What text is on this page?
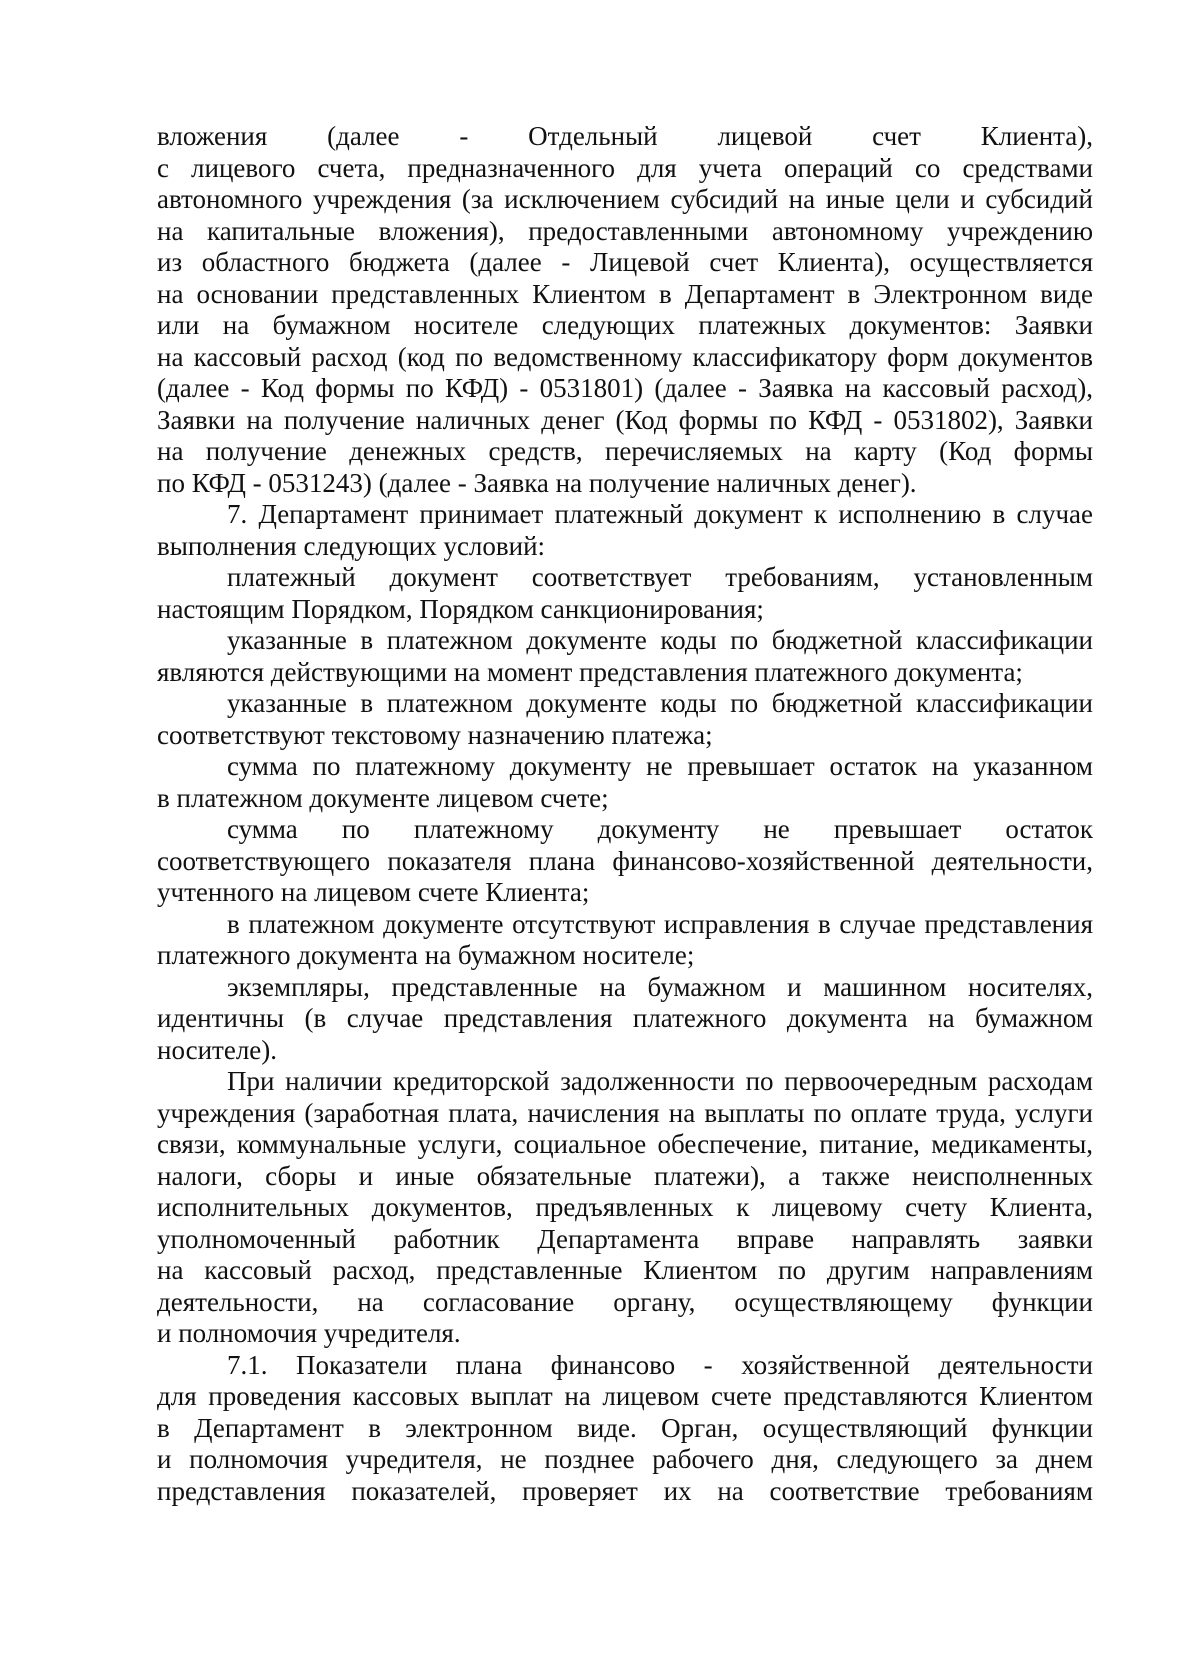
вложения (далее - Отдельный лицевой счет Клиента),
с лицевого счета, предназначенного для учета операций со средствами
автономного учреждения (за исключением субсидий на иные цели и субсидий
на капитальные вложения), предоставленными автономному учреждению
из областного бюджета (далее - Лицевой счет Клиента), осуществляется
на основании представленных Клиентом в Департамент в Электронном виде
или на бумажном носителе следующих платежных документов: Заявки
на кассовый расход (код по ведомственному классификатору форм документов
(далее - Код формы по КФД) - 0531801) (далее - Заявка на кассовый расход),
Заявки на получение наличных денег (Код формы по КФД - 0531802), Заявки
на получение денежных средств, перечисляемых на карту (Код формы
по КФД - 0531243) (далее - Заявка на получение наличных денег).
7. Департамент принимает платежный документ к исполнению в случае
выполнения следующих условий:
платежный документ соответствует требованиям, установленным
настоящим Порядком, Порядком санкционирования;
указанные в платежном документе коды по бюджетной классификации
являются действующими на момент представления платежного документа;
указанные в платежном документе коды по бюджетной классификации
соответствуют текстовому назначению платежа;
сумма по платежному документу не превышает остаток на указанном
в платежном документе лицевом счете;
сумма по платежному документу не превышает остаток
соответствующего показателя плана финансово-хозяйственной деятельности,
учтенного на лицевом счете Клиента;
в платежном документе отсутствуют исправления в случае представления
платежного документа на бумажном носителе;
экземпляры, представленные на бумажном и машинном носителях,
идентичны (в случае представления платежного документа на бумажном
носителе).
При наличии кредиторской задолженности по первоочередным расходам
учреждения (заработная плата, начисления на выплаты по оплате труда, услуги
связи, коммунальные услуги, социальное обеспечение, питание, медикаменты,
налоги, сборы и иные обязательные платежи), а также неисполненных
исполнительных документов, предъявленных к лицевому счету Клиента,
уполномоченный работник Департамента вправе направлять заявки
на кассовый расход, представленные Клиентом по другим направлениям
деятельности, на согласование органу, осуществляющему функции
и полномочия учредителя.
7.1. Показатели плана финансово - хозяйственной деятельности
для проведения кассовых выплат на лицевом счете представляются Клиентом
в Департамент в электронном виде. Орган, осуществляющий функции
и полномочия учредителя, не позднее рабочего дня, следующего за днем
представления показателей, проверяет их на соответствие требованиям
